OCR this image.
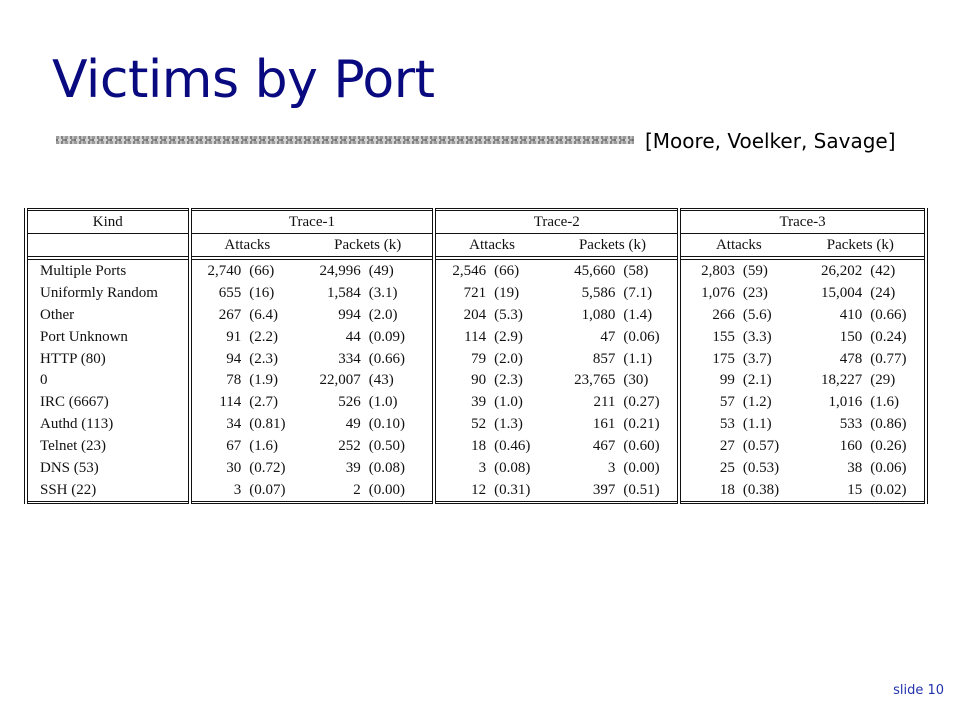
Victims by Port
[Moore, Voelker, Savage]
Kind	Trace-1				Trace-2				Trace-3			
	Attacks		Packets (k)		Attacks		Packets (k)		Attacks		Packets (k)	
Multiple Ports	2,740	(66)	24,996	(49)	2,546	(66)	45,660	(58)	2,803	(59)	26,202	(42)
Uniformly Random	655	(16)	1,584	(3.1)	721	(19)	5,586	(7.1)	1,076	(23)	15,004	(24)
Other	267	(6.4)	994	(2.0)	204	(5.3)	1,080	(1.4)	266	(5.6)	410	(0.66)
Port Unknown	91	(2.2)	44	(0.09)	114	(2.9)	47	(0.06)	155	(3.3)	150	(0.24)
HTTP (80)	94	(2.3)	334	(0.66)	79	(2.0)	857	(1.1)	175	(3.7)	478	(0.77)
0	78	(1.9)	22,007	(43)	90	(2.3)	23,765	(30)	99	(2.1)	18,227	(29)
IRC (6667)	114	(2.7)	526	(1.0)	39	(1.0)	211	(0.27)	57	(1.2)	1,016	(1.6)
Authd (113)	34	(0.81)	49	(0.10)	52	(1.3)	161	(0.21)	53	(1.1)	533	(0.86)
Telnet (23)	67	(1.6)	252	(0.50)	18	(0.46)	467	(0.60)	27	(0.57)	160	(0.26)
DNS (53)	30	(0.72)	39	(0.08)	3	(0.08)	3	(0.00)	25	(0.53)	38	(0.06)
SSH (22)	3	(0.07)	2	(0.00)	12	(0.31)	397	(0.51)	18	(0.38)	15	(0.02)
slide 10
